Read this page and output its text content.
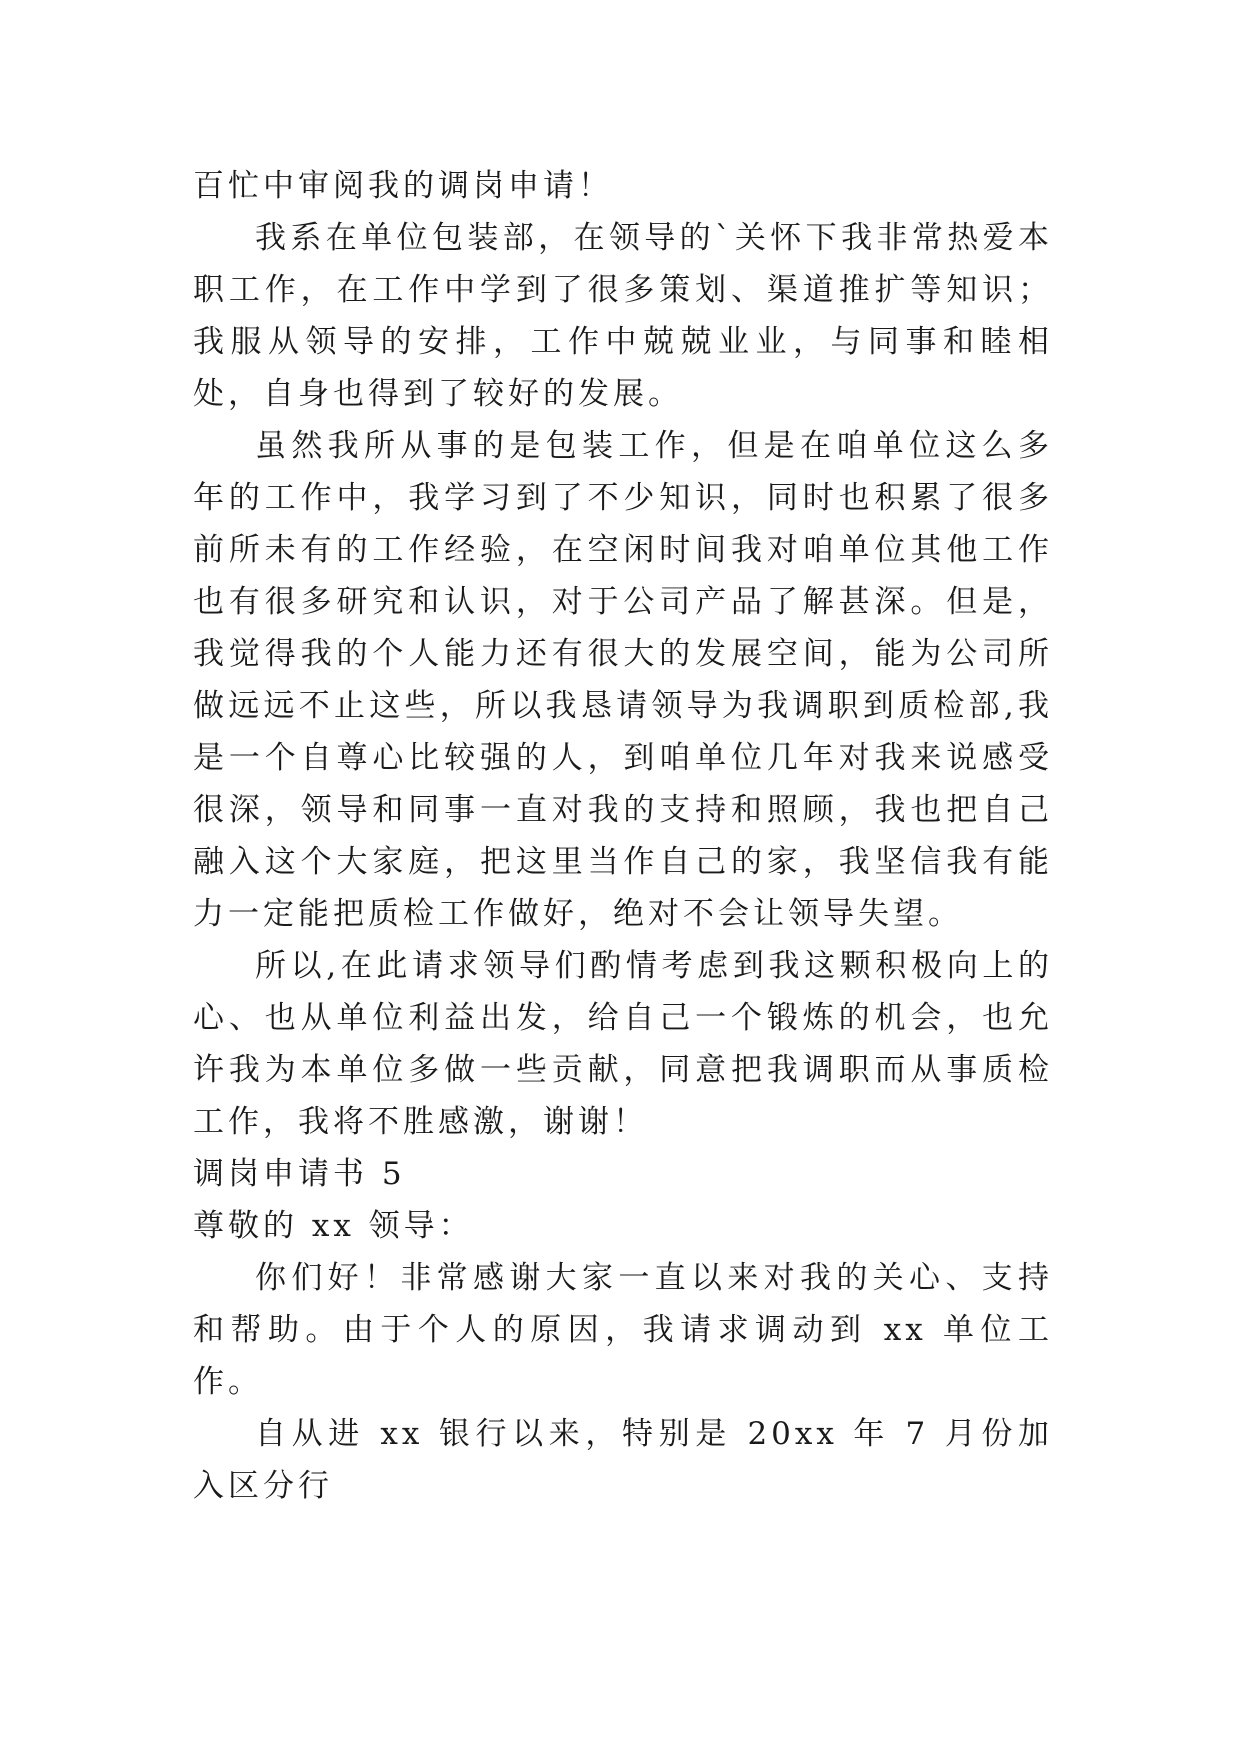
百忙中审阅我的调岗申请！

我系在单位包装部，在领导的`关怀下我非常热爱本职工作，在工作中学到了很多策划、渠道推扩等知识；我服从领导的安排，工作中兢兢业业，与同事和睦相处，自身也得到了较好的发展。

虽然我所从事的是包装工作，但是在咱单位这么多年的工作中，我学习到了不少知识，同时也积累了很多前所未有的工作经验，在空闲时间我对咱单位其他工作也有很多研究和认识，对于公司产品了解甚深。但是，我觉得我的个人能力还有很大的发展空间，能为公司所做远远不止这些，所以我恳请领导为我调职到质检部,我是一个自尊心比较强的人，到咱单位几年对我来说感受很深，领导和同事一直对我的支持和照顾，我也把自己融入这个大家庭，把这里当作自己的家，我坚信我有能力一定能把质检工作做好，绝对不会让领导失望。

所以,在此请求领导们酌情考虑到我这颗积极向上的心、也从单位利益出发，给自己一个锻炼的机会，也允许我为本单位多做一些贡献，同意把我调职而从事质检工作，我将不胜感激，谢谢！

调岗申请书 5

尊敬的 xx 领导：

你们好！非常感谢大家一直以来对我的关心、支持和帮助。由于个人的原因，我请求调动到 xx 单位工作。

自从进 xx 银行以来，特别是 20xx 年 7 月份加入区分行
